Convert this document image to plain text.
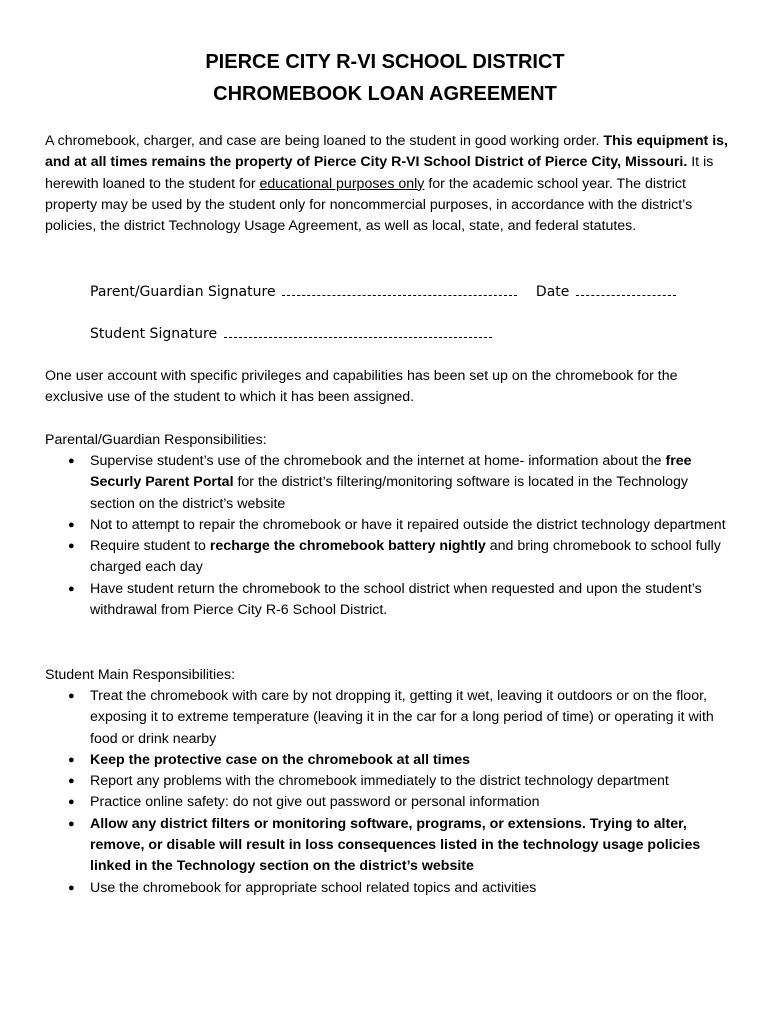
PIERCE CITY R-VI SCHOOL DISTRICT
CHROMEBOOK LOAN AGREEMENT
A chromebook, charger, and case are being loaned to the student in good working order. This equipment is, and at all times remains the property of Pierce City R-VI School District of Pierce City, Missouri. It is herewith loaned to the student for educational purposes only for the academic school year. The district property may be used by the student only for noncommercial purposes, in accordance with the district’s policies, the district Technology Usage Agreement, as well as local, state, and federal statutes.
Parent/Guardian Signature	Date
Student Signature
One user account with specific privileges and capabilities has been set up on the chromebook for the exclusive use of the student to which it has been assigned.
Parental/Guardian Responsibilities:
● Supervise student’s use of the chromebook and the internet at home- information about the free Securly Parent Portal for the district’s filtering/monitoring software is located in the Technology section on the district’s website
● Not to attempt to repair the chromebook or have it repaired outside the district technology department
● Require student to recharge the chromebook battery nightly and bring chromebook to school fully charged each day
● Have student return the chromebook to the school district when requested and upon the student’s withdrawal from Pierce City R-6 School District.
Student Main Responsibilities:
● Treat the chromebook with care by not dropping it, getting it wet, leaving it outdoors or on the floor, exposing it to extreme temperature (leaving it in the car for a long period of time) or operating it with food or drink nearby
● Keep the protective case on the chromebook at all times
● Report any problems with the chromebook immediately to the district technology department
● Practice online safety: do not give out password or personal information
● Allow any district filters or monitoring software, programs, or extensions. Trying to alter, remove, or disable will result in loss consequences listed in the technology usage policies linked in the Technology section on the district’s website
● Use the chromebook for appropriate school related topics and activities
